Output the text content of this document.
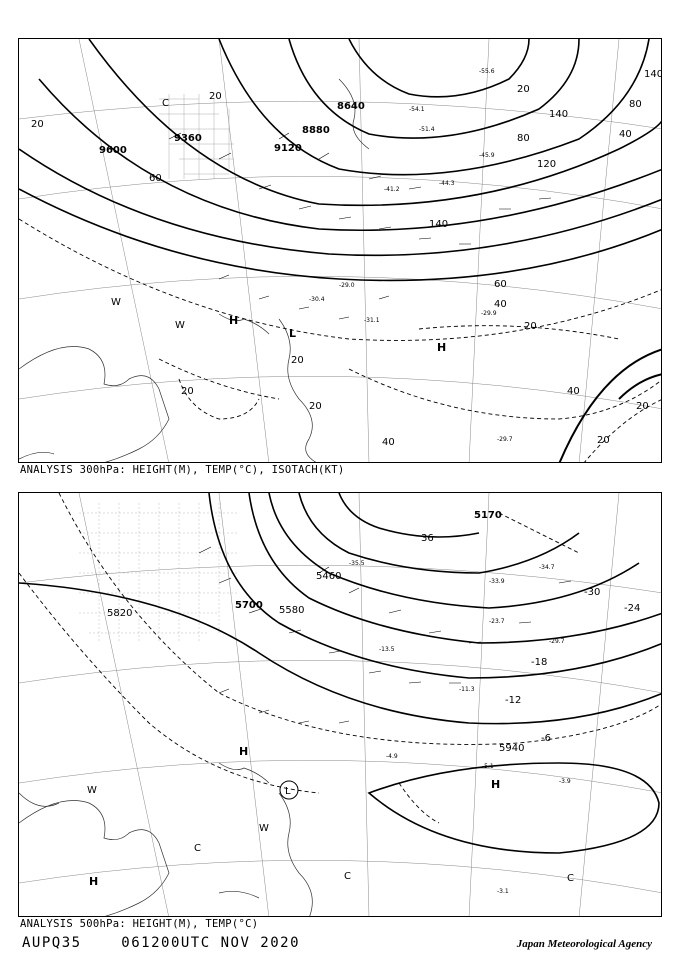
9600
9360
9120
8880
8640
20
20
60
20
80
120
140
140
80
40
140
60
40
20
40
20
20
40
20
20
20
-29.7
-31.1
-29.9
-30.4
-29.0
-41.2
-44.3
-45.9
-51.4
-54.1
-55.6
H
H
L
W
W
C
ANALYSIS 300hPa: HEIGHT(M), TEMP(°C), ISOTACH(KT)
5820
5700 5580
5460
5170
5940
-30
-24
-18
-12
-6
36
-35.5
-34.7
-33.9
-29.7
-23.7
-13.5
-11.3
-5.1
-4.9
-3.9
-3.1
H
H
L
W
W
C
C	C
H
ANALYSIS 500hPa: HEIGHT(M), TEMP(°C)
AUPQ35	061200UTC NOV 2020	Japan Meteorological Agency
